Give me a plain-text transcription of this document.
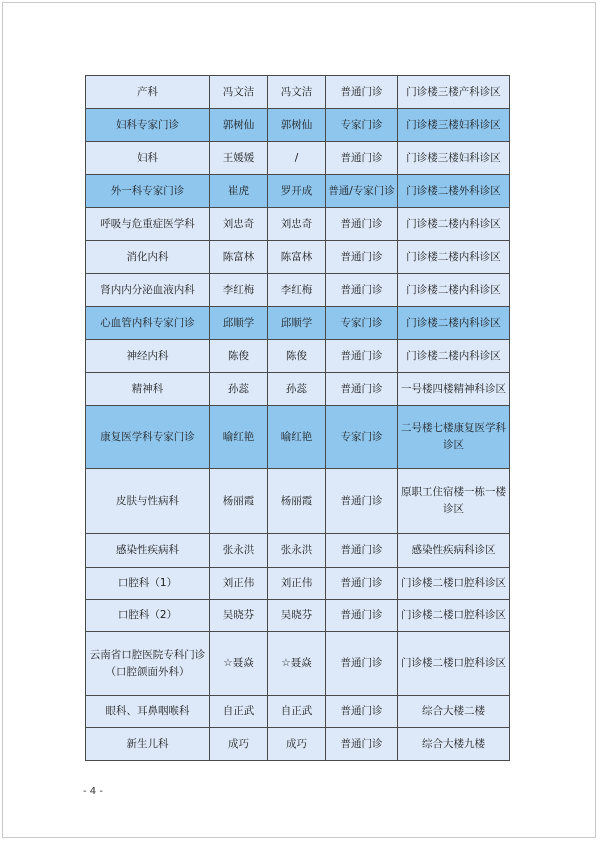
产科	冯文洁	冯文洁	普通门诊	门诊楼三楼产科诊区

妇科专家门诊	郭树仙	郭树仙	专家门诊	门诊楼三楼妇科诊区

妇科	王媛媛	/	普通门诊	门诊楼三楼妇科诊区

外一科专家门诊	崔虎	罗开成	普通/专家门诊	门诊楼二楼外科诊区

呼吸与危重症医学科	刘忠奇	刘忠奇	普通门诊	门诊楼二楼内科诊区

消化内科	陈富林	陈富林	普通门诊	门诊楼二楼内科诊区

肾内内分泌血液内科	李红梅	李红梅	普通门诊	门诊楼二楼内科诊区

心血管内科专家门诊	邱顺学	邱顺学	专家门诊	门诊楼二楼内科诊区

神经内科	陈俊	陈俊	普通门诊	门诊楼二楼内科诊区

精神科	孙蕊	孙蕊	普通门诊	一号楼四楼精神科诊区

康复医学科专家门诊	喻红艳	喻红艳	专家门诊	二号楼七楼康复医学科
诊区

皮肤与性病科	杨丽霞	杨丽霞	普通门诊	原职工住宿楼一栋一楼
诊区

感染性疾病科	张永洪	张永洪	普通门诊	感染性疾病科诊区

口腔科（1）	刘正伟	刘正伟	普通门诊	门诊楼二楼口腔科诊区

口腔科（2）	吴晓芬	吴晓芬	普通门诊	门诊楼二楼口腔科诊区

云南省口腔医院专科门诊
（口腔颌面外科）	☆聂焱	☆聂焱	普通门诊	门诊楼二楼口腔科诊区

眼科、耳鼻咽喉科	自正武	自正武	普通门诊	综合大楼二楼

新生儿科	成巧	成巧	普通门诊	综合大楼九楼
- 4 -
